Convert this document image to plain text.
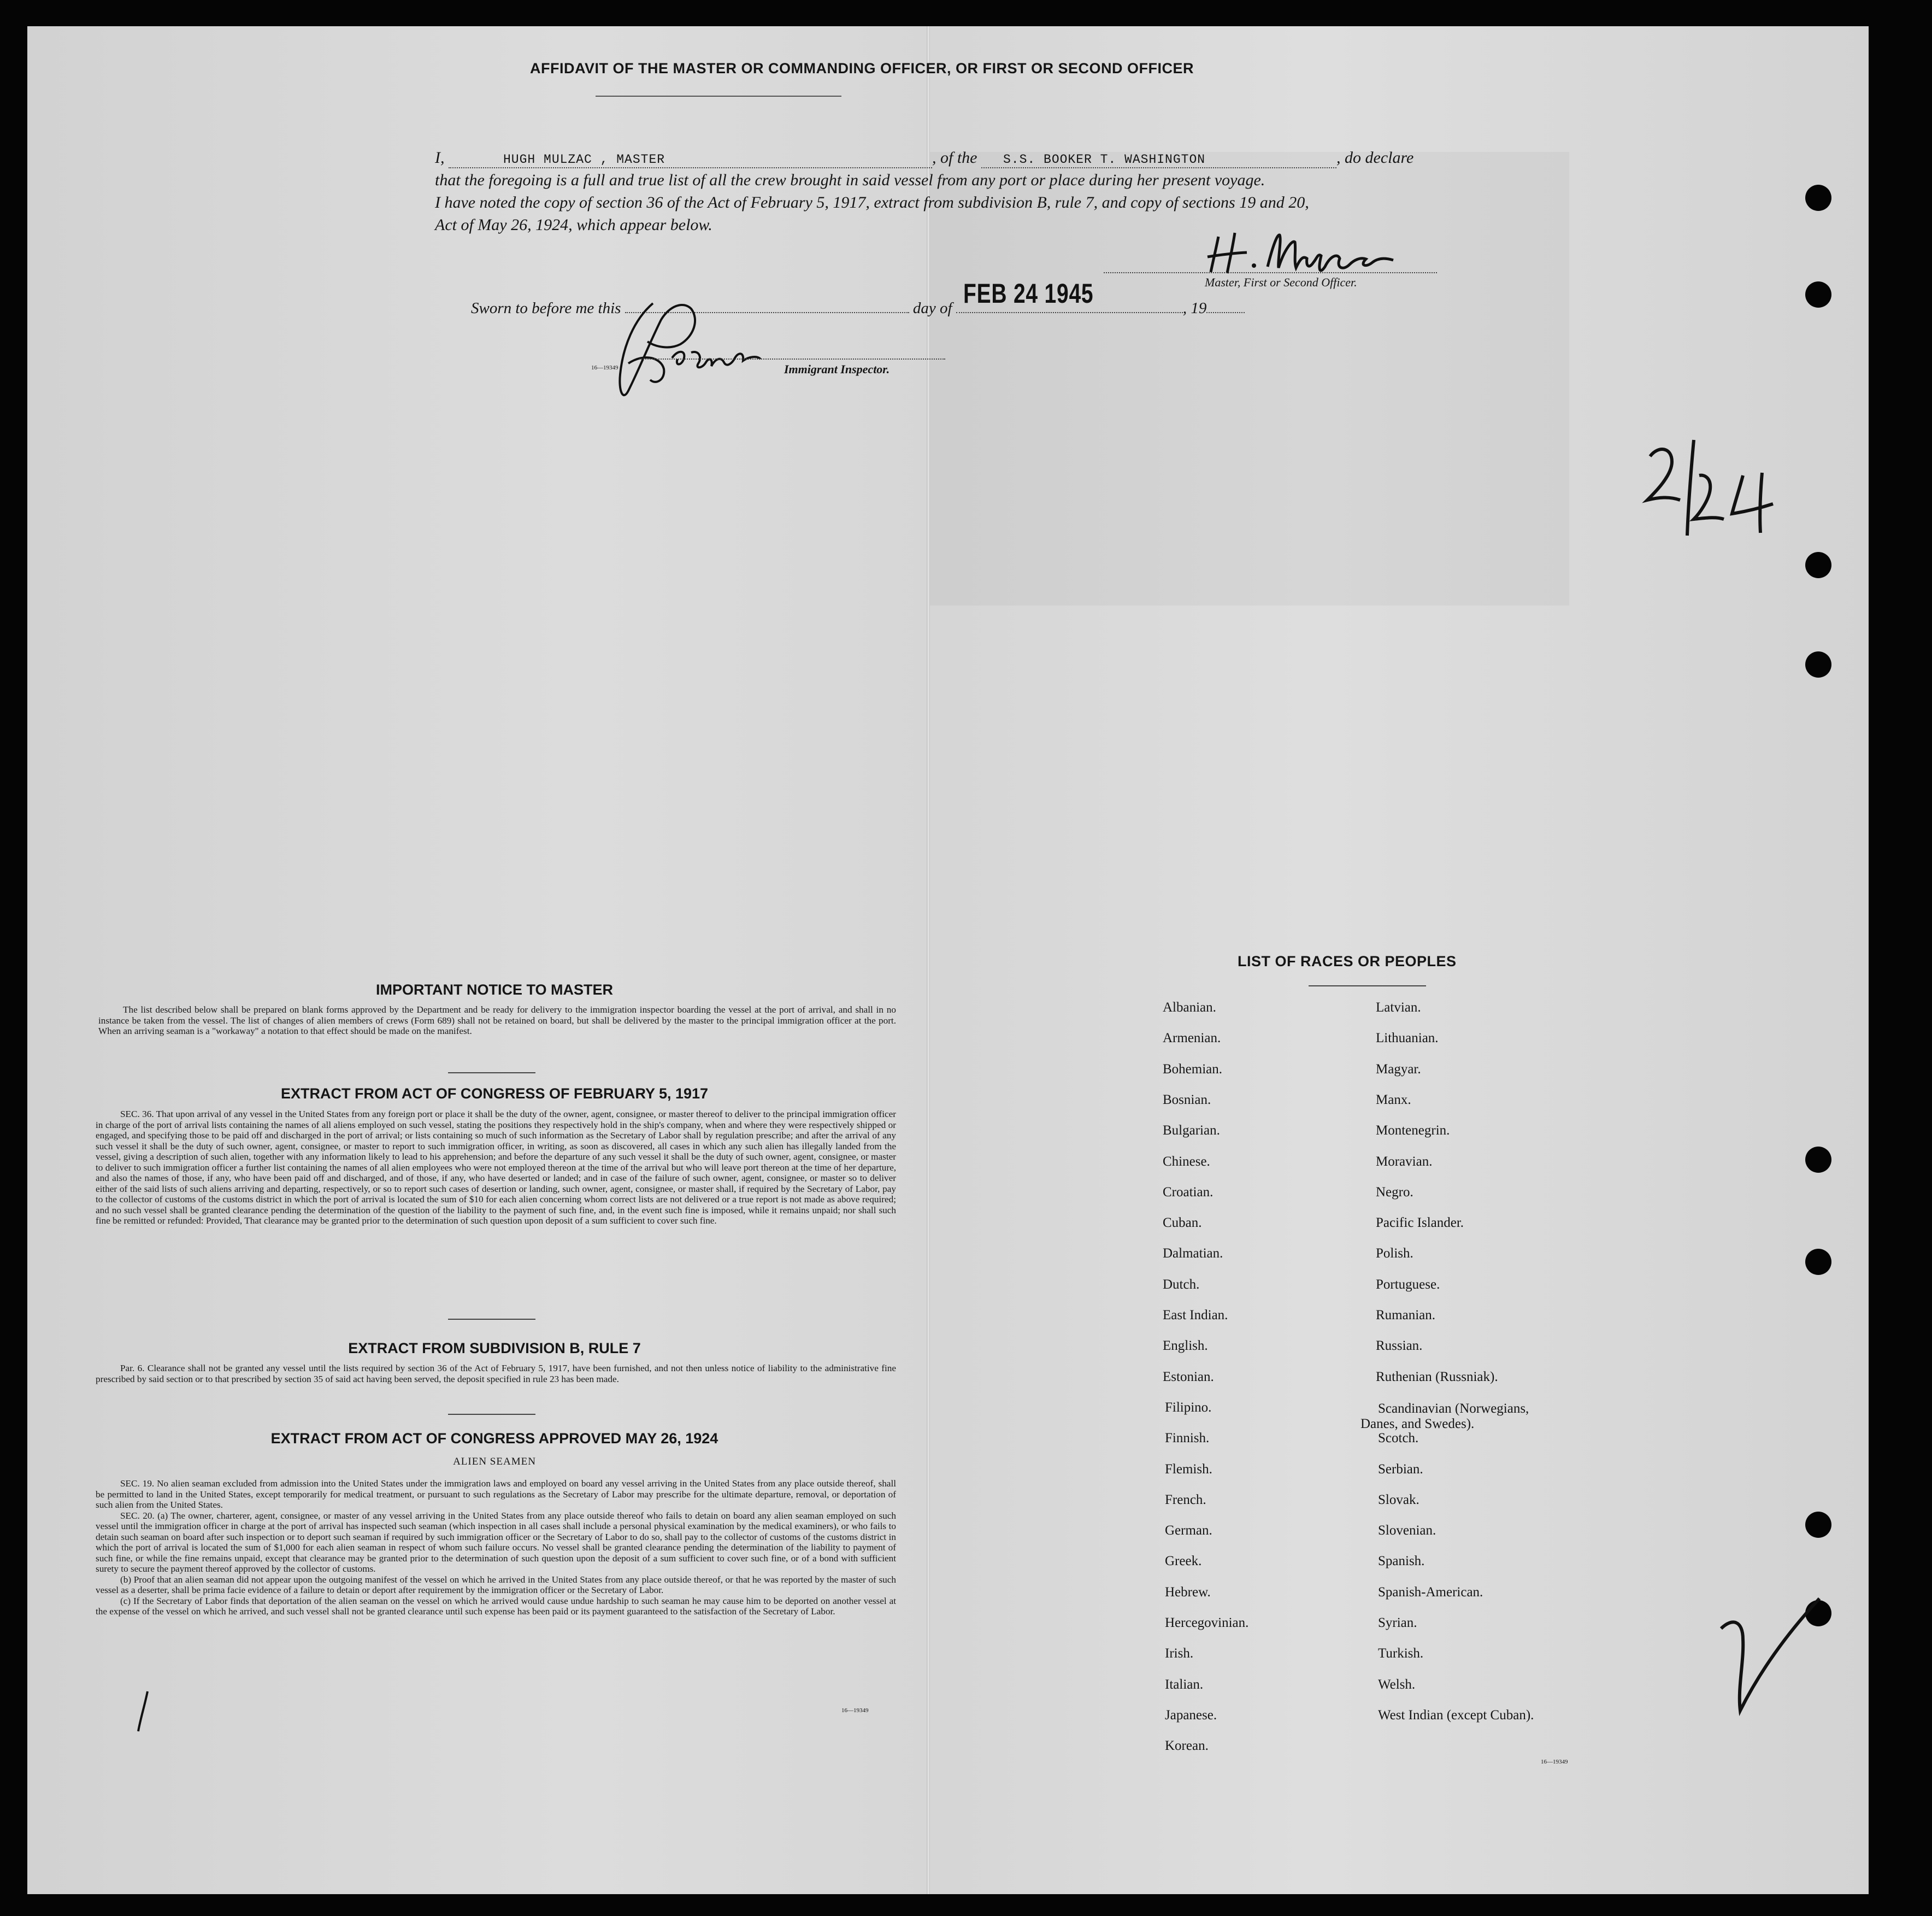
AFFIDAVIT OF THE MASTER OR COMMANDING OFFICER, OR FIRST OR SECOND OFFICER
I,	HUGH MULZAC , MASTER	, of the S.S. BOOKER T. WASHINGTON	, do declare
that the foregoing is a full and true list of all the crew brought in said vessel from any port or place during her present voyage.
I have noted the copy of section 36 of the Act of February 5, 1917, extract from subdivision B, rule 7, and copy of sections 19 and 20,
Act of May 26, 1924, which appear below.
Master, First or Second Officer.
Sworn to before me this	day of	, 19
FEB 24 1945
16—19349	Immigrant Inspector.
2/24
✓
IMPORTANT NOTICE TO MASTER

The list described below shall be prepared on blank forms approved by the Department and be ready for delivery to the immigration inspector boarding the vessel at the port of arrival, and shall in no instance be taken from the vessel. The list of changes of alien members of crews (Form 689) shall not be retained on board, but shall be delivered by the master to the principal immigration officer at the port. When an arriving seaman is a "workaway" a notation to that effect should be made on the manifest.

EXTRACT FROM ACT OF CONGRESS OF FEBRUARY 5, 1917

SEC. 36. That upon arrival of any vessel in the United States from any foreign port or place it shall be the duty of the owner, agent, consignee, or master thereof to deliver to the principal immigration officer in charge of the port of arrival lists containing the names of all aliens employed on such vessel, stating the positions they respectively hold in the ship's company, when and where they were respectively shipped or engaged, and specifying those to be paid off and discharged in the port of arrival; or lists containing so much of such information as the Secretary of Labor shall by regulation prescribe; and after the arrival of any such vessel it shall be the duty of such owner, agent, consignee, or master to report to such immigration officer, in writing, as soon as discovered, all cases in which any such alien has illegally landed from the vessel, giving a description of such alien, together with any information likely to lead to his apprehension; and before the departure of any such vessel it shall be the duty of such owner, agent, consignee, or master to deliver to such immigration officer a further list containing the names of all alien employees who were not employed thereon at the time of the arrival but who will leave port thereon at the time of her departure, and also the names of those, if any, who have been paid off and discharged, and of those, if any, who have deserted or landed; and in case of the failure of such owner, agent, consignee, or master so to deliver either of the said lists of such aliens arriving and departing, respectively, or so to report such cases of desertion or landing, such owner, agent, consignee, or master shall, if required by the Secretary of Labor, pay to the collector of customs of the customs district in which the port of arrival is located the sum of $10 for each alien concerning whom correct lists are not delivered or a true report is not made as above required; and no such vessel shall be granted clearance pending the determination of the question of the liability to the payment of such fine, and, in the event such fine is imposed, while it remains unpaid; nor shall such fine be remitted or refunded: Provided, That clearance may be granted prior to the determination of such question upon deposit of a sum sufficient to cover such fine.

EXTRACT FROM SUBDIVISION B, RULE 7

Par. 6. Clearance shall not be granted any vessel until the lists required by section 36 of the Act of February 5, 1917, have been furnished, and not then unless notice of liability to the administrative fine prescribed by said section or to that prescribed by section 35 of said act having been served, the deposit specified in rule 23 has been made.

EXTRACT FROM ACT OF CONGRESS APPROVED MAY 26, 1924
ALIEN SEAMEN

SEC. 19. No alien seaman excluded from admission into the United States under the immigration laws and employed on board any vessel arriving in the United States from any place outside thereof, shall be permitted to land in the United States, except temporarily for medical treatment, or pursuant to such regulations as the Secretary of Labor may prescribe for the ultimate departure, removal, or deportation of such alien from the United States.

SEC. 20. (a) The owner, charterer, agent, consignee, or master of any vessel arriving in the United States from any place outside thereof who fails to detain on board any alien seaman employed on such vessel until the immigration officer in charge at the port of arrival has inspected such seaman (which inspection in all cases shall include a personal physical examination by the medical examiners), or who fails to detain such seaman on board after such inspection or to deport such seaman if required by such immigration officer or the Secretary of Labor to do so, shall pay to the collector of customs of the customs district in which the port of arrival is located the sum of $1,000 for each alien seaman in respect of whom such failure occurs. No vessel shall be granted clearance pending the determination of the liability to payment of such fine, or while the fine remains unpaid, except that clearance may be granted prior to the determination of such question upon the deposit of a sum sufficient to cover such fine, or of a bond with sufficient surety to secure the payment thereof approved by the collector of customs.

(b) Proof that an alien seaman did not appear upon the outgoing manifest of the vessel on which he arrived in the United States from any place outside thereof, or that he was reported by the master of such vessel as a deserter, shall be prima facie evidence of a failure to detain or deport after requirement by the immigration officer or the Secretary of Labor.

(c) If the Secretary of Labor finds that deportation of the alien seaman on the vessel on which he arrived would cause undue hardship to such seaman he may cause him to be deported on another vessel at the expense of the vessel on which he arrived, and such vessel shall not be granted clearance until such expense has been paid or its payment guaranteed to the satisfaction of the Secretary of Labor.

16—19349
LIST OF RACES OR PEOPLES
Albanian.
Armenian.
Bohemian.
Bosnian.
Bulgarian.
Chinese.
Croatian.
Cuban.
Dalmatian.
Dutch.
East Indian.
English.
Estonian.
Filipino.
Finnish.
Flemish.
French.
German.
Greek.
Hebrew.
Hercegovinian.
Irish.
Italian.
Japanese.
Korean.
Latvian.
Lithuanian.
Magyar.
Manx.
Montenegrin.
Moravian.
Negro.
Pacific Islander.
Polish.
Portuguese.
Rumanian.
Russian.
Ruthenian (Russniak).
Scandinavian (Norwegians,
Danes, and Swedes).
Scotch.
Serbian.
Slovak.
Slovenian.
Spanish.
Spanish-American.
Syrian.
Turkish.
Welsh.
West Indian (except Cuban).
16—19349
